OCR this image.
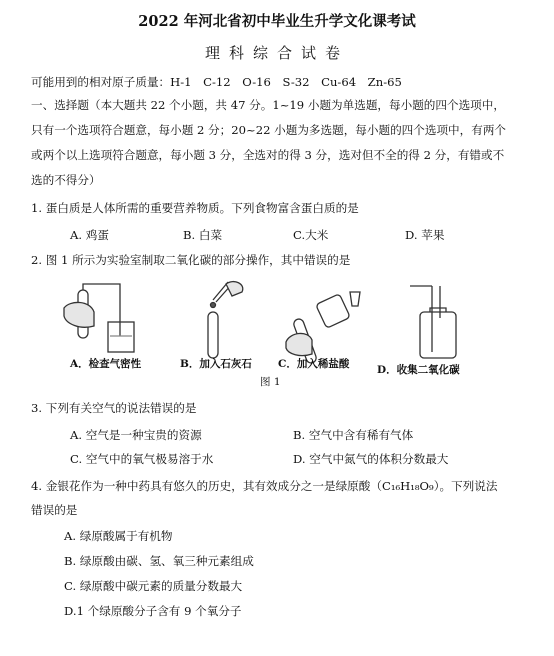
2022 年河北省初中毕业生升学文化课考试
理科综合试卷
可能用到的相对原子质量：H-1　C-12　O-16　S-32　Cu-64　Zn-65
一、选择题（本大题共 22 个小题，共 47 分。1~19 小题为单选题，每小题的四个选项中，
只有一个选项符合题意，每小题 2 分；20~22 小题为多选题，每小题的四个选项中，有两个
或两个以上选项符合题意，每小题 3 分，全选对的得 3 分，选对但不全的得 2 分，有错或不
选的不得分）
1. 蛋白质是人体所需的重要营养物质。下列食物富含蛋白质的是
A. 鸡蛋	B. 白菜	C.大米	D. 苹果
2. 图 1 所示为实验室制取二氧化碳的部分操作，其中错误的是
A．检查气密性	B．加入石灰石 C．加入稀盐酸	D．收集二氧化碳
图 1
3. 下列有关空气的说法错误的是
A. 空气是一种宝贵的资源	B. 空气中含有稀有气体
C. 空气中的氧气极易溶于水	D. 空气中氮气的体积分数最大
4. 金银花作为一种中药具有悠久的历史，其有效成分之一是绿原酸（C₁₆H₁₈O₉）。下列说法
错误的是
A. 绿原酸属于有机物
B. 绿原酸由碳、氢、氧三种元素组成
C. 绿原酸中碳元素的质量分数最大
D.1 个绿原酸分子含有 9 个氧分子
